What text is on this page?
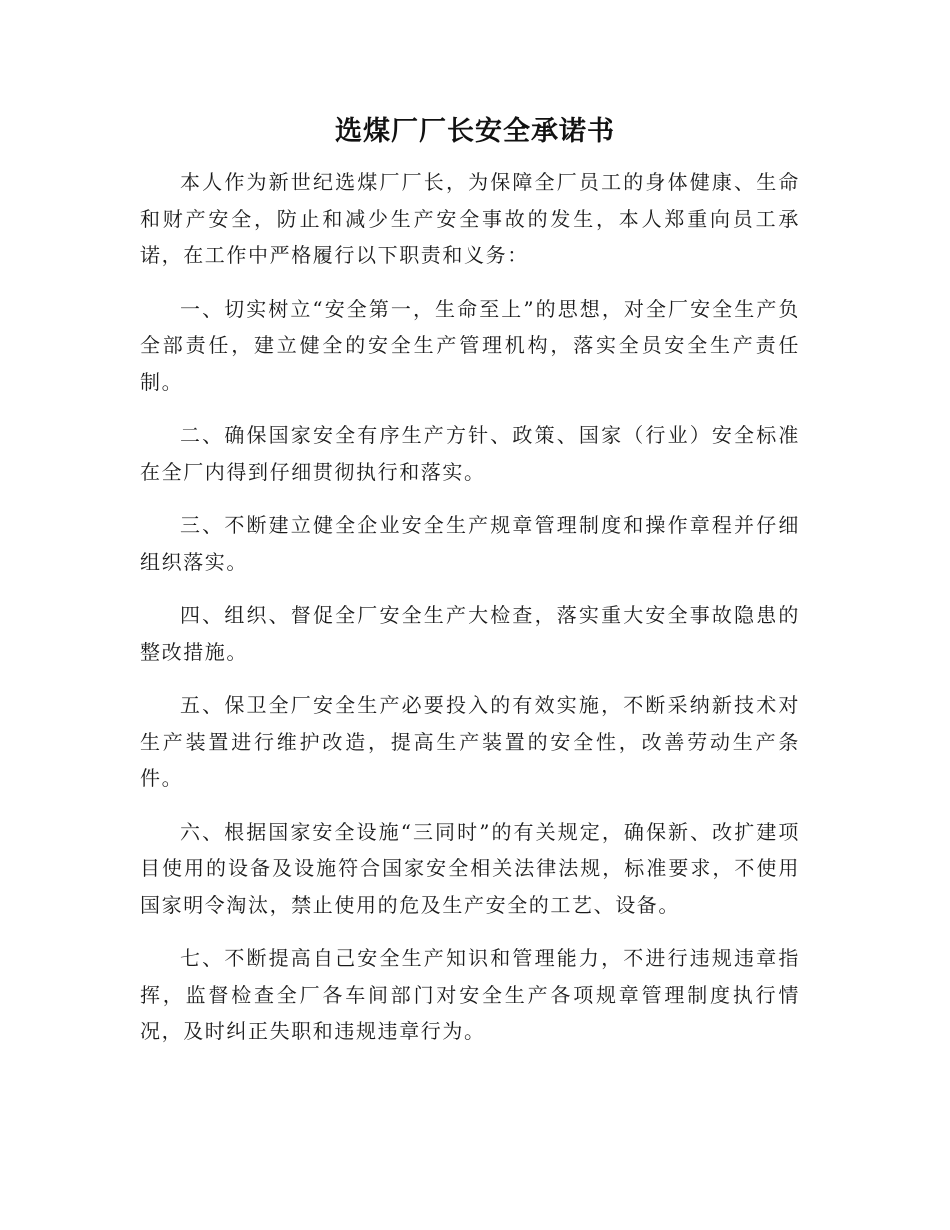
选煤厂厂长安全承诺书

本人作为新世纪选煤厂厂长，为保障全厂员工的身体健康、生命和财产安全，防止和减少生产安全事故的发生，本人郑重向员工承诺，在工作中严格履行以下职责和义务：

一、切实树立“安全第一，生命至上”的思想，对全厂安全生产负全部责任，建立健全的安全生产管理机构，落实全员安全生产责任制。

二、确保国家安全有序生产方针、政策、国家（行业）安全标准在全厂内得到仔细贯彻执行和落实。

三、不断建立健全企业安全生产规章管理制度和操作章程并仔细组织落实。

四、组织、督促全厂安全生产大检查，落实重大安全事故隐患的整改措施。

五、保卫全厂安全生产必要投入的有效实施，不断采纳新技术对生产装置进行维护改造，提高生产装置的安全性，改善劳动生产条件。

六、根据国家安全设施“三同时”的有关规定，确保新、改扩建项目使用的设备及设施符合国家安全相关法律法规，标准要求，不使用国家明令淘汰，禁止使用的危及生产安全的工艺、设备。

七、不断提高自己安全生产知识和管理能力，不进行违规违章指挥，监督检查全厂各车间部门对安全生产各项规章管理制度执行情况，及时纠正失职和违规违章行为。
